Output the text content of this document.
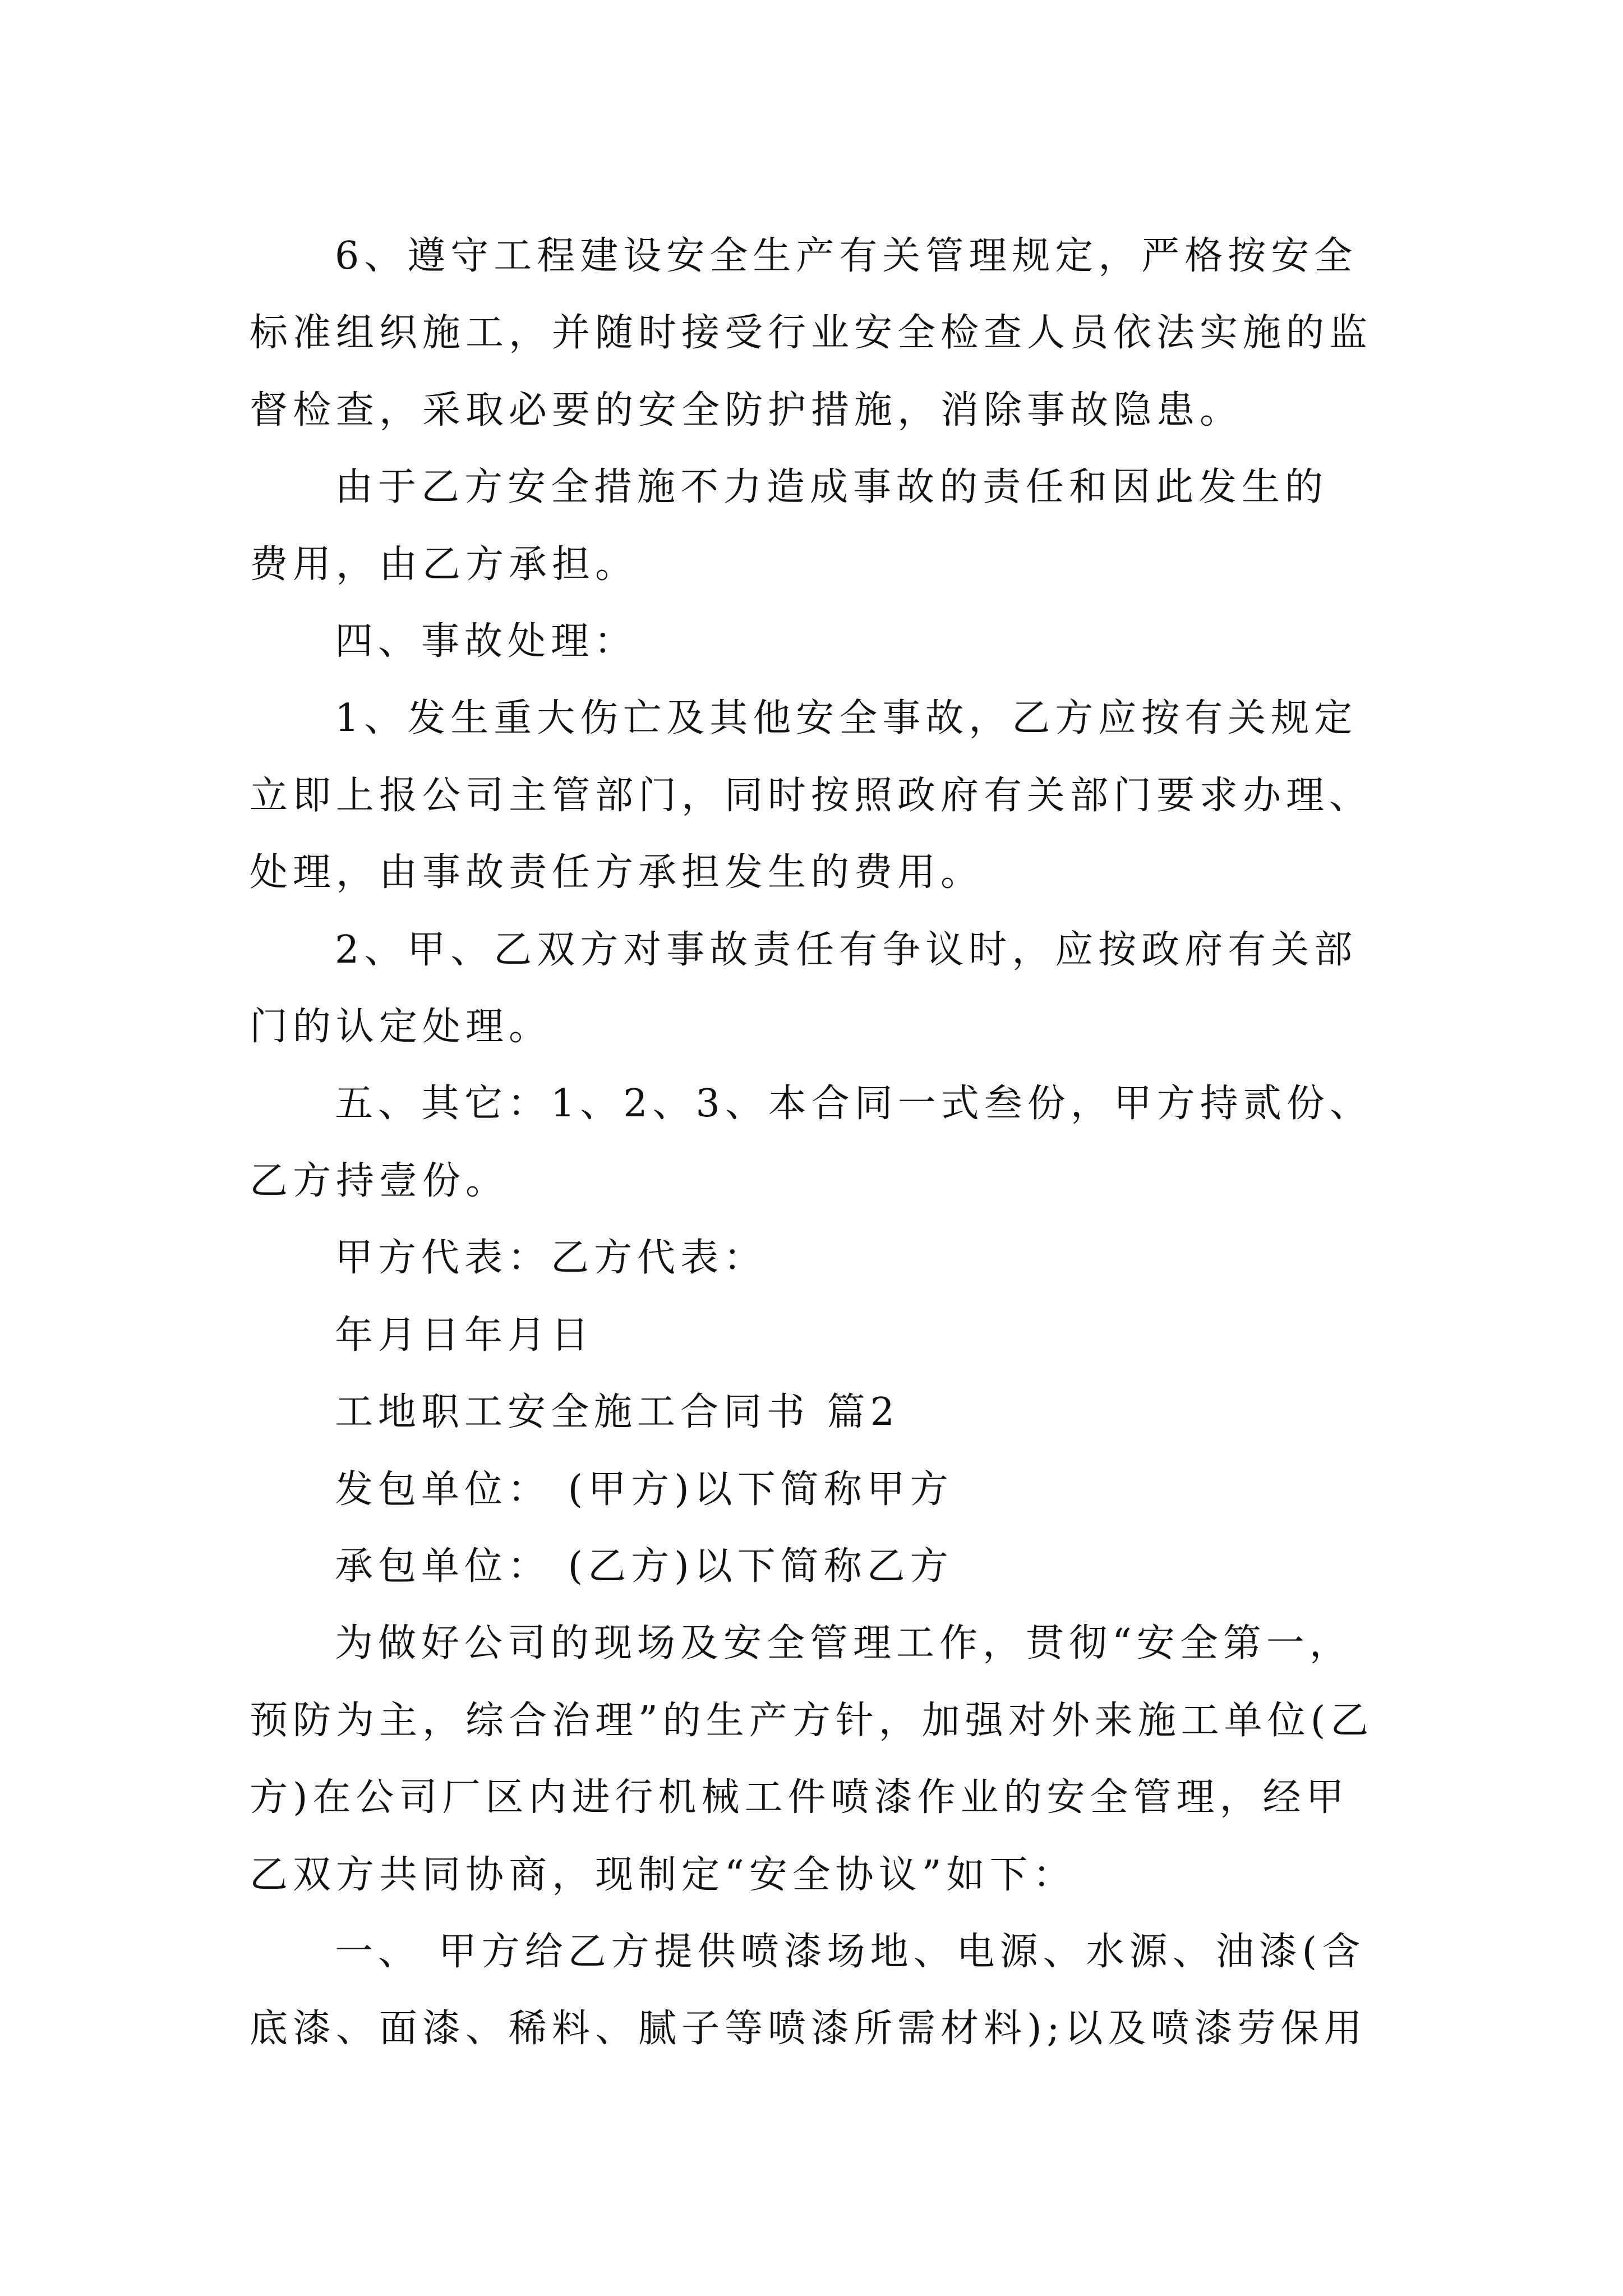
6、遵守工程建设安全生产有关管理规定，严格按安全
标准组织施工，并随时接受行业安全检查人员依法实施的监
督检查，采取必要的安全防护措施，消除事故隐患。

由于乙方安全措施不力造成事故的责任和因此发生的
费用，由乙方承担。

四、事故处理：

1、发生重大伤亡及其他安全事故，乙方应按有关规定
立即上报公司主管部门，同时按照政府有关部门要求办理、
处理，由事故责任方承担发生的费用。

2、甲、乙双方对事故责任有争议时，应按政府有关部
门的认定处理。

五、其它：1、2、3、本合同一式叁份，甲方持贰份、
乙方持壹份。

甲方代表：乙方代表：

年月日年月日

工地职工安全施工合同书 篇2

发包单位： (甲方)以下简称甲方

承包单位： (乙方)以下简称乙方

为做好公司的现场及安全管理工作，贯彻“安全第一，
预防为主，综合治理”的生产方针，加强对外来施工单位(乙
方)在公司厂区内进行机械工件喷漆作业的安全管理，经甲
乙双方共同协商，现制定“安全协议”如下：

一、 甲方给乙方提供喷漆场地、电源、水源、油漆(含
底漆、面漆、稀料、腻子等喷漆所需材料);以及喷漆劳保用
